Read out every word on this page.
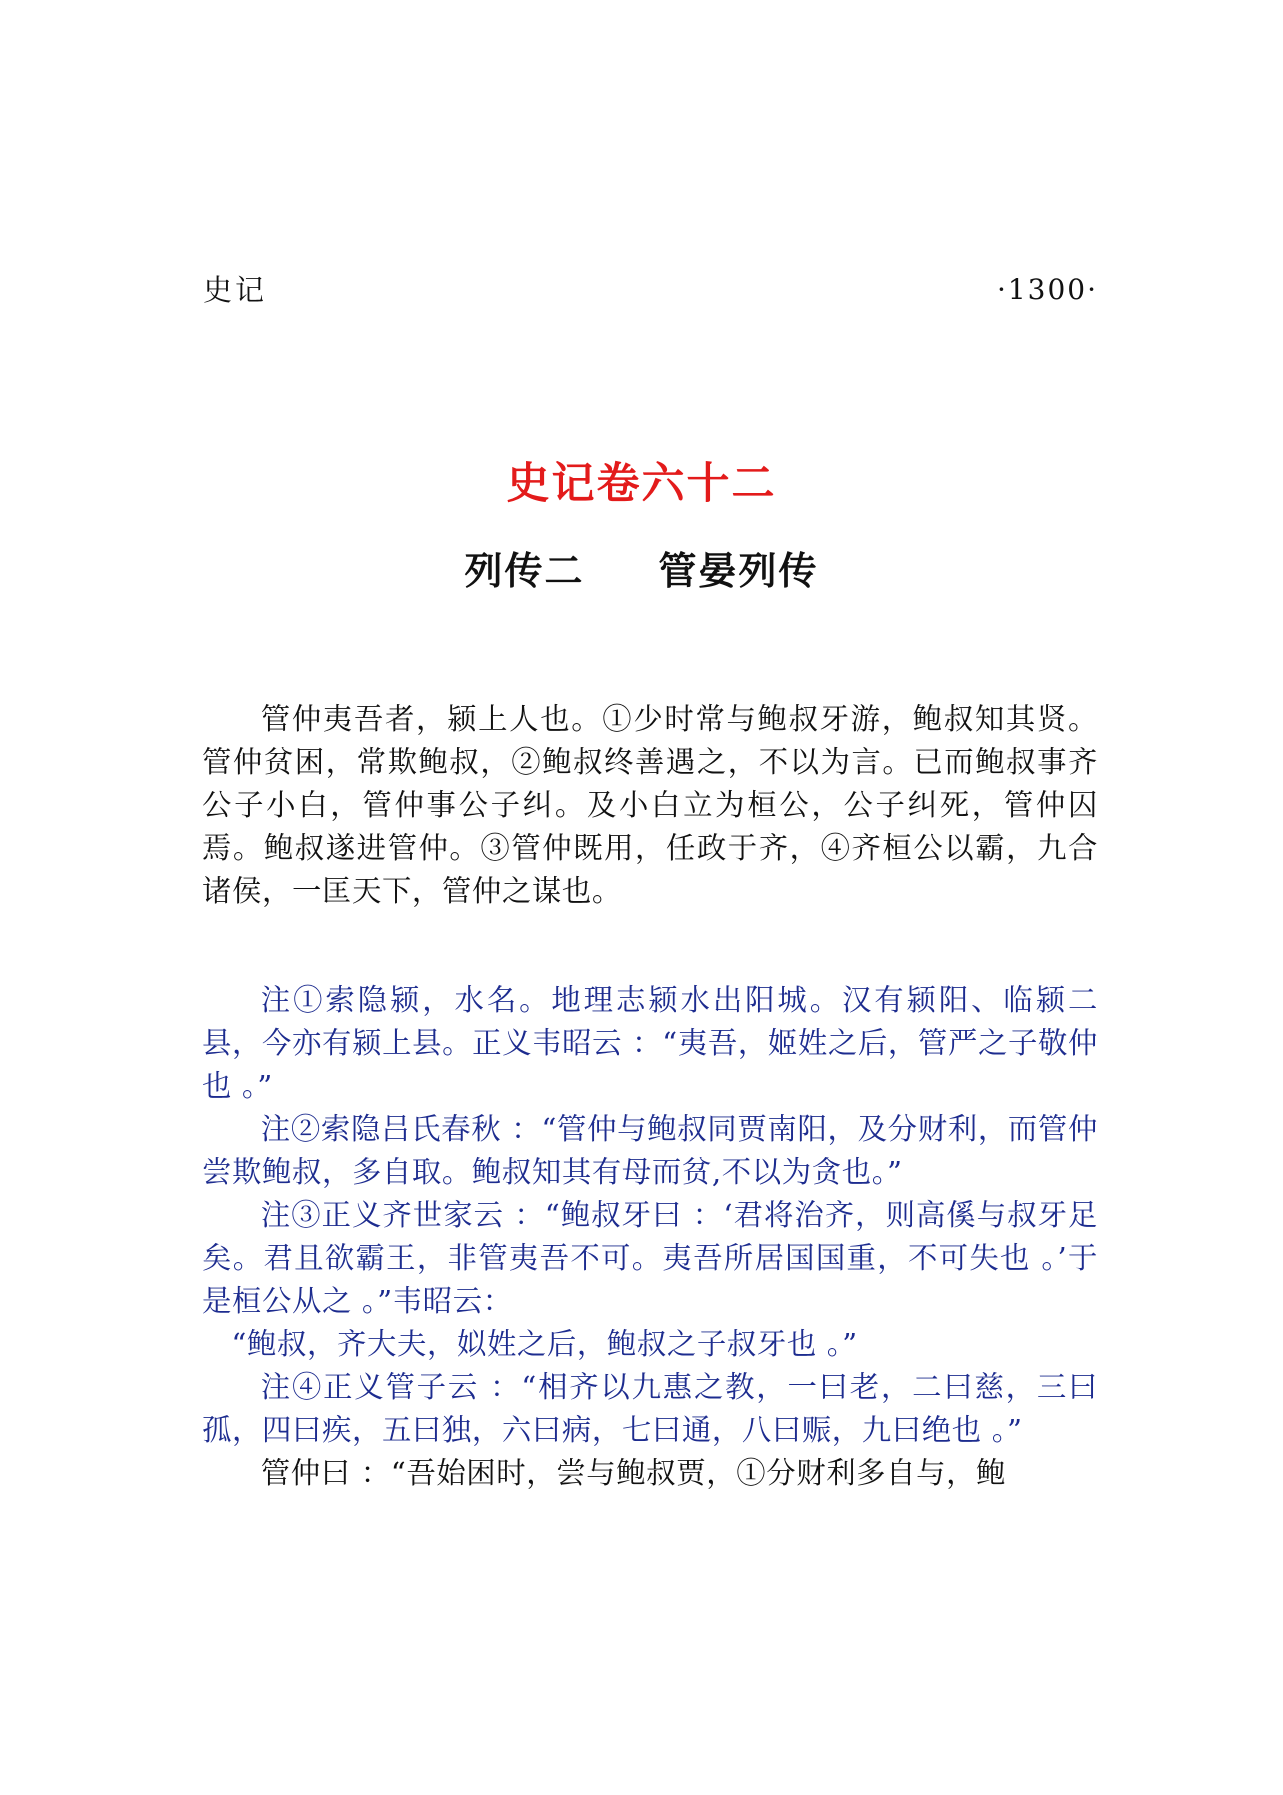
史记	·1300·
史记卷六十二
列传二 管晏列传

管仲夷吾者，颍上人也。①少时常与鲍叔牙游，鲍叔知其贤。管仲贫困，常欺鲍叔，②鲍叔终善遇之，不以为言。已而鲍叔事齐公子小白，管仲事公子纠。及小白立为桓公，公子纠死，管仲囚焉。鲍叔遂进管仲。③管仲既用，任政于齐，④齐桓公以霸，九合诸侯，一匡天下，管仲之谋也。

注①索隐颍，水名。地理志颍水出阳城。汉有颍阳、临颍二县，今亦有颍上县。正义韦昭云 ：“夷吾，姬姓之后，管严之子敬仲也 。”

注②索隐吕氏春秋 ：“管仲与鲍叔同贾南阳，及分财利，而管仲尝欺鲍叔，多自取。鲍叔知其有母而贫,不以为贪也。”

注③正义齐世家云 ：“鲍叔牙曰 ：‘君将治齐，则高傒与叔牙足矣。君且欲霸王，非管夷吾不可。夷吾所居国国重，不可失也 。’于是桓公从之 。”韦昭云：

“鲍叔，齐大夫，姒姓之后，鲍叔之子叔牙也 。”

注④正义管子云 ：“相齐以九惠之教，一曰老，二曰慈，三曰孤，四曰疾，五曰独，六曰病，七曰通，八曰赈，九曰绝也 。”

管仲曰 ：“吾始困时，尝与鲍叔贾，①分财利多自与，鲍
